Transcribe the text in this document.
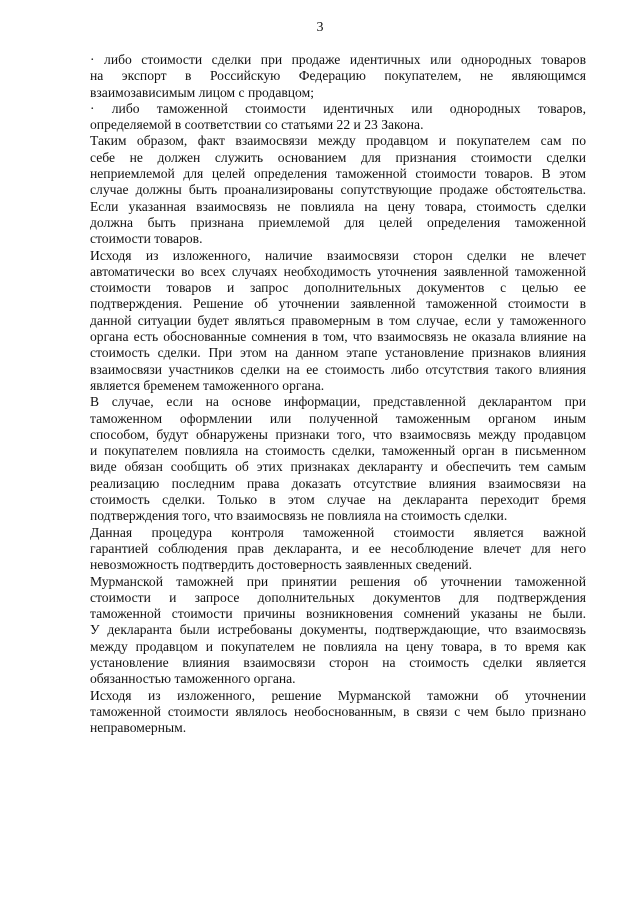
3
· либо стоимости сделки при продаже идентичных или однородных товаров
на экспорт в Российскую Федерацию покупателем, не являющимся
взаимозависимым лицом с продавцом;
· либо таможенной стоимости идентичных или однородных товаров,
определяемой в соответствии со статьями 22 и 23 Закона.
Таким образом, факт взаимосвязи между продавцом и покупателем сам по
себе не должен служить основанием для признания стоимости сделки
неприемлемой для целей определения таможенной стоимости товаров. В этом
случае должны быть проанализированы сопутствующие продаже обстоятельства.
Если указанная взаимосвязь не повлияла на цену товара, стоимость сделки
должна быть признана приемлемой для целей определения таможенной
стоимости товаров.
Исходя из изложенного, наличие взаимосвязи сторон сделки не влечет
автоматически во всех случаях необходимость уточнения заявленной таможенной
стоимости товаров и запрос дополнительных документов с целью ее
подтверждения. Решение об уточнении заявленной таможенной стоимости в
данной ситуации будет являться правомерным в том случае, если у таможенного
органа есть обоснованные сомнения в том, что взаимосвязь не оказала влияние на
стоимость сделки. При этом на данном этапе установление признаков влияния
взаимосвязи участников сделки на ее стоимость либо отсутствия такого влияния
является бременем таможенного органа.
В случае, если на основе информации, представленной декларантом при
таможенном оформлении или полученной таможенным органом иным
способом, будут обнаружены признаки того, что взаимосвязь между продавцом
и покупателем повлияла на стоимость сделки, таможенный орган в письменном
виде обязан сообщить об этих признаках декларанту и обеспечить тем самым
реализацию последним права доказать отсутствие влияния взаимосвязи на
стоимость сделки. Только в этом случае на декларанта переходит бремя
подтверждения того, что взаимосвязь не повлияла на стоимость сделки.
Данная процедура контроля таможенной стоимости является важной
гарантией соблюдения прав декларанта, и ее несоблюдение влечет для него
невозможность подтвердить достоверность заявленных сведений.
Мурманской таможней при принятии решения об уточнении таможенной
стоимости и запросе дополнительных документов для подтверждения
таможенной стоимости причины возникновения сомнений указаны не были.
У декларанта были истребованы документы, подтверждающие, что взаимосвязь
между продавцом и покупателем не повлияла на цену товара, в то время как
установление влияния взаимосвязи сторон на стоимость сделки является
обязанностью таможенного органа.
Исходя из изложенного, решение Мурманской таможни об уточнении
таможенной стоимости являлось необоснованным, в связи с чем было признано
неправомерным.
